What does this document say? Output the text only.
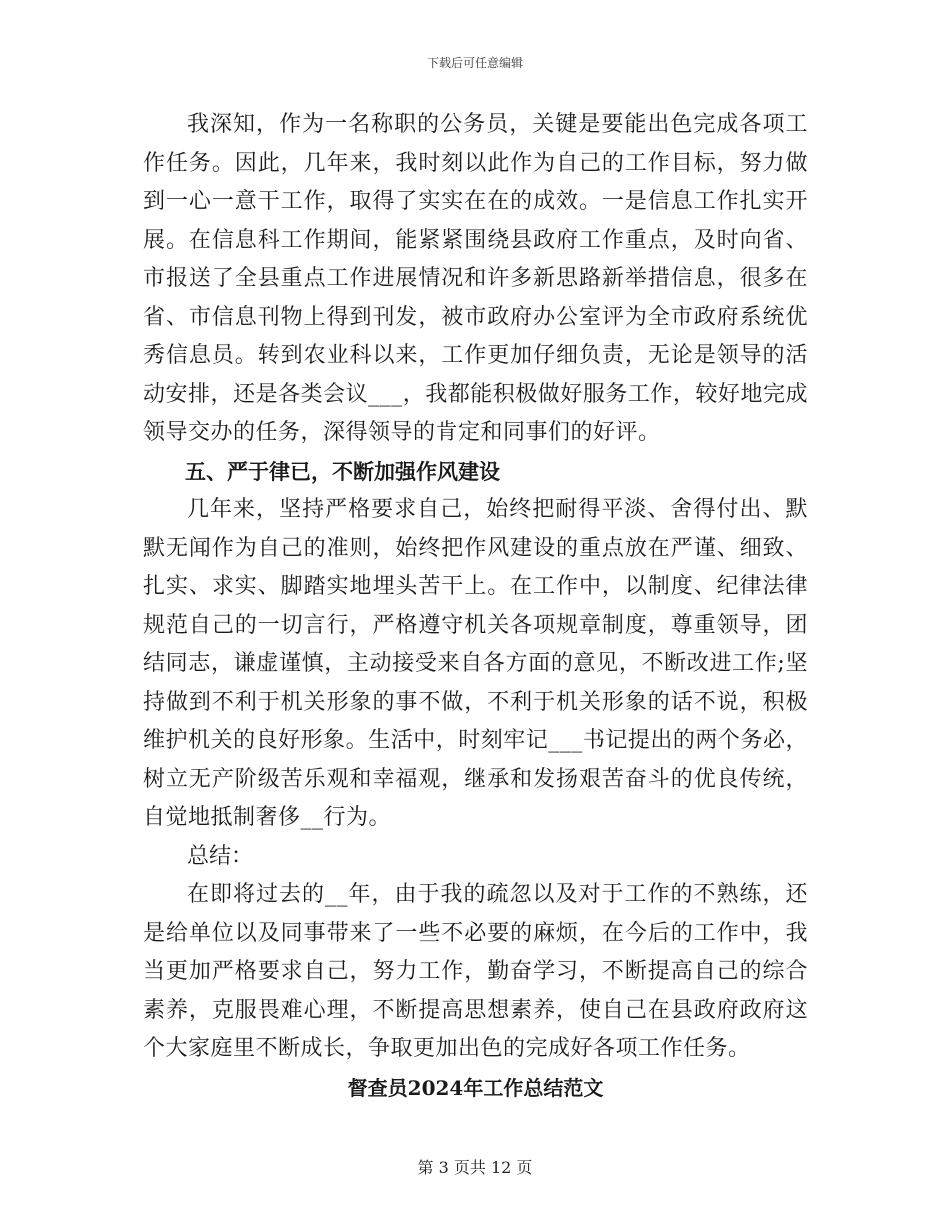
下载后可任意编辑

我深知，作为一名称职的公务员，关键是要能出色完成各项工作任务。因此，几年来，我时刻以此作为自己的工作目标，努力做到一心一意干工作，取得了实实在在的成效。一是信息工作扎实开展。在信息科工作期间，能紧紧围绕县政府工作重点，及时向省、市报送了全县重点工作进展情况和许多新思路新举措信息，很多在省、市信息刊物上得到刊发，被市政府办公室评为全市政府系统优秀信息员。转到农业科以来，工作更加仔细负责，无论是领导的活动安排，还是各类会议___，我都能积极做好服务工作，较好地完成领导交办的任务，深得领导的肯定和同事们的好评。

五、严于律已，不断加强作风建设

几年来，坚持严格要求自己，始终把耐得平淡、舍得付出、默默无闻作为自己的准则，始终把作风建设的重点放在严谨、细致、扎实、求实、脚踏实地埋头苦干上。在工作中，以制度、纪律法律规范自己的一切言行，严格遵守机关各项规章制度，尊重领导，团结同志，谦虚谨慎，主动接受来自各方面的意见，不断改进工作;坚持做到不利于机关形象的事不做，不利于机关形象的话不说，积极维护机关的良好形象。生活中，时刻牢记___书记提出的两个务必，树立无产阶级苦乐观和幸福观，继承和发扬艰苦奋斗的优良传统，自觉地抵制奢侈__行为。

总结：

在即将过去的__年，由于我的疏忽以及对于工作的不熟练，还是给单位以及同事带来了一些不必要的麻烦，在今后的工作中，我当更加严格要求自己，努力工作，勤奋学习，不断提高自己的综合素养，克服畏难心理，不断提高思想素养，使自己在县政府政府这个大家庭里不断成长，争取更加出色的完成好各项工作任务。

督查员2024年工作总结范文

第 3 页共 12 页
